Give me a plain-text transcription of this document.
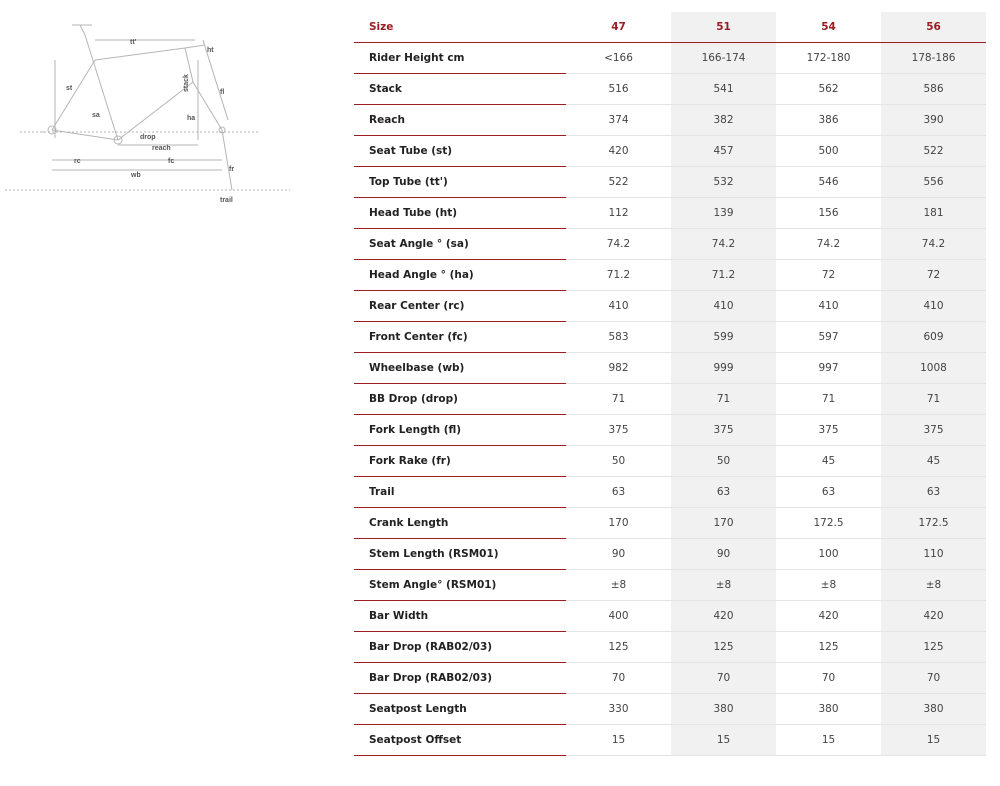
tt'
ht
st
fl
stack
sa	ha
drop
reach
rc	fc
wb
fr
trail
Size	47	51	54	56
Rider Height cm	<166	166-174	172-180	178-186
Stack	516	541	562	586
Reach	374	382	386	390
Seat Tube (st)	420	457	500	522
Top Tube (tt')	522	532	546	556
Head Tube (ht)	112	139	156	181
Seat Angle ° (sa)	74.2	74.2	74.2	74.2
Head Angle ° (ha)	71.2	71.2	72	72
Rear Center (rc)	410	410	410	410
Front Center (fc)	583	599	597	609
Wheelbase (wb)	982	999	997	1008
BB Drop (drop)	71	71	71	71
Fork Length (fl)	375	375	375	375
Fork Rake (fr)	50	50	45	45
Trail	63	63	63	63
Crank Length	170	170	172.5	172.5
Stem Length (RSM01)	90	90	100	110
Stem Angle° (RSM01)	±8	±8	±8	±8
Bar Width	400	420	420	420
Bar Drop (RAB02/03)	125	125	125	125
Bar Drop (RAB02/03)	70	70	70	70
Seatpost Length	330	380	380	380
Seatpost Offset	15	15	15	15
